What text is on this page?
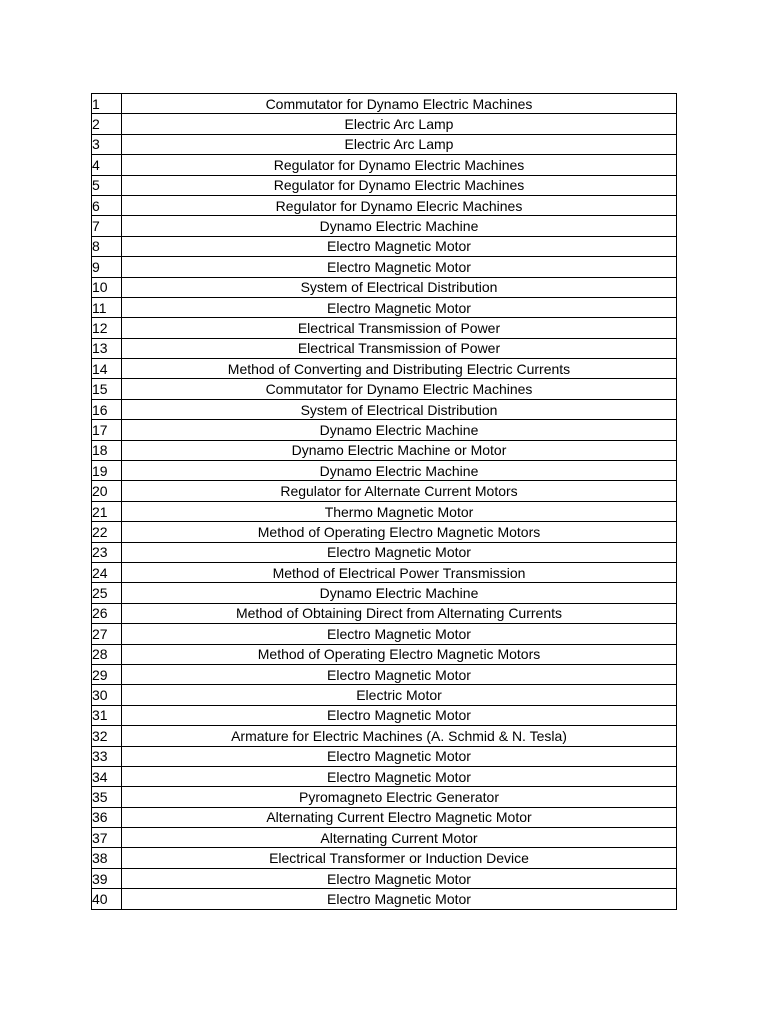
1	Commutator for Dynamo Electric Machines
2	Electric Arc Lamp
3	Electric Arc Lamp
4	Regulator for Dynamo Electric Machines
5	Regulator for Dynamo Electric Machines
6	Regulator for Dynamo Elecric Machines
7	Dynamo Electric Machine
8	Electro Magnetic Motor
9	Electro Magnetic Motor
10	System of Electrical Distribution
11	Electro Magnetic Motor
12	Electrical Transmission of Power
13	Electrical Transmission of Power
14	Method of Converting and Distributing Electric Currents
15	Commutator for Dynamo Electric Machines
16	System of Electrical Distribution
17	Dynamo Electric Machine
18	Dynamo Electric Machine or Motor
19	Dynamo Electric Machine
20	Regulator for Alternate Current Motors
21	Thermo Magnetic Motor
22	Method of Operating Electro Magnetic Motors
23	Electro Magnetic Motor
24	Method of Electrical Power Transmission
25	Dynamo Electric Machine
26	Method of Obtaining Direct from Alternating Currents
27	Electro Magnetic Motor
28	Method of Operating Electro Magnetic Motors
29	Electro Magnetic Motor
30	Electric Motor
31	Electro Magnetic Motor
32	Armature for Electric Machines (A. Schmid & N. Tesla)
33	Electro Magnetic Motor
34	Electro Magnetic Motor
35	Pyromagneto Electric Generator
36	Alternating Current Electro Magnetic Motor
37	Alternating Current Motor
38	Electrical Transformer or Induction Device
39	Electro Magnetic Motor
40	Electro Magnetic Motor
